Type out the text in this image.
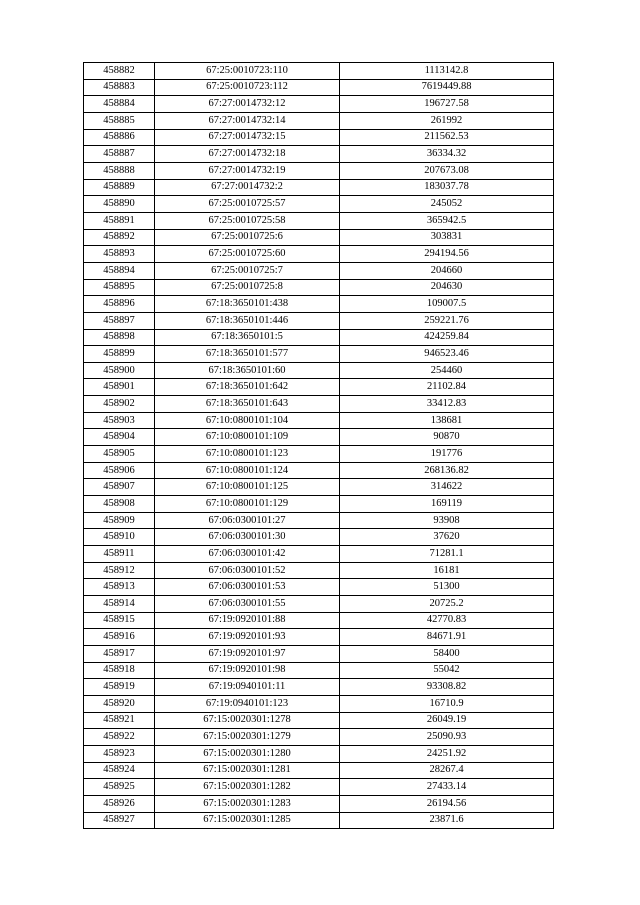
458882	67:25:0010723:110	1113142.8
458883	67:25:0010723:112	7619449.88
458884	67:27:0014732:12	196727.58
458885	67:27:0014732:14	261992
458886	67:27:0014732:15	211562.53
458887	67:27:0014732:18	36334.32
458888	67:27:0014732:19	207673.08
458889	67:27:0014732:2	183037.78
458890	67:25:0010725:57	245052
458891	67:25:0010725:58	365942.5
458892	67:25:0010725:6	303831
458893	67:25:0010725:60	294194.56
458894	67:25:0010725:7	204660
458895	67:25:0010725:8	204630
458896	67:18:3650101:438	109007.5
458897	67:18:3650101:446	259221.76
458898	67:18:3650101:5	424259.84
458899	67:18:3650101:577	946523.46
458900	67:18:3650101:60	254460
458901	67:18:3650101:642	21102.84
458902	67:18:3650101:643	33412.83
458903	67:10:0800101:104	138681
458904	67:10:0800101:109	90870
458905	67:10:0800101:123	191776
458906	67:10:0800101:124	268136.82
458907	67:10:0800101:125	314622
458908	67:10:0800101:129	169119
458909	67:06:0300101:27	93908
458910	67:06:0300101:30	37620
458911	67:06:0300101:42	71281.1
458912	67:06:0300101:52	16181
458913	67:06:0300101:53	51300
458914	67:06:0300101:55	20725.2
458915	67:19:0920101:88	42770.83
458916	67:19:0920101:93	84671.91
458917	67:19:0920101:97	58400
458918	67:19:0920101:98	55042
458919	67:19:0940101:11	93308.82
458920	67:19:0940101:123	16710.9
458921	67:15:0020301:1278	26049.19
458922	67:15:0020301:1279	25090.93
458923	67:15:0020301:1280	24251.92
458924	67:15:0020301:1281	28267.4
458925	67:15:0020301:1282	27433.14
458926	67:15:0020301:1283	26194.56
458927	67:15:0020301:1285	23871.6
